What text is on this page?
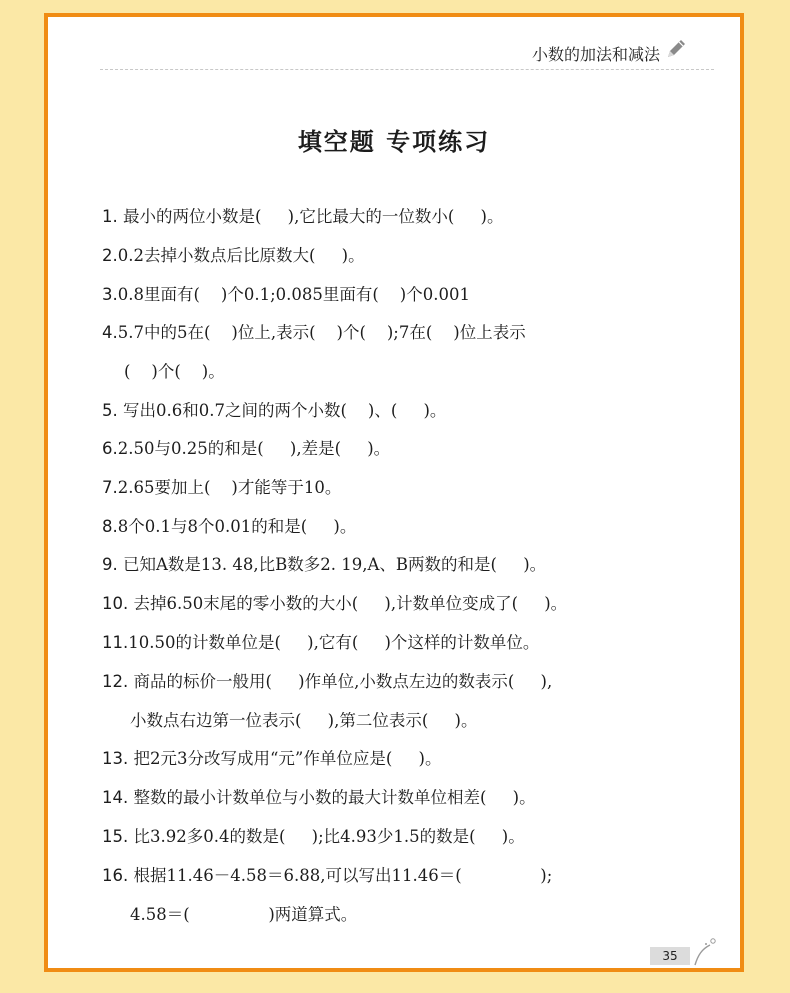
小数的加法和减法
填空题 专项练习
1. 最小的两位小数是(     ),它比最大的一位数小(     )。
2.0.2去掉小数点后比原数大(     )。
3.0.8里面有(    )个0.1;0.085里面有(    )个0.001
4.5.7中的5在(    )位上,表示(    )个(    );7在(    )位上表示
(    )个(    )。
5. 写出0.6和0.7之间的两个小数(    )、(     )。
6.2.50与0.25的和是(     ),差是(     )。
7.2.65要加上(    )才能等于10。
8.8个0.1与8个0.01的和是(     )。
9. 已知A数是13. 48,比B数多2. 19,A、B两数的和是(     )。
10. 去掉6.50末尾的零小数的大小(     ),计数单位变成了(     )。
11.10.50的计数单位是(     ),它有(     )个这样的计数单位。
12. 商品的标价一般用(     )作单位,小数点左边的数表示(     ),
小数点右边第一位表示(     ),第二位表示(     )。
13. 把2元3分改写成用“元”作单位应是(     )。
14. 整数的最小计数单位与小数的最大计数单位相差(     )。
15. 比3.92多0.4的数是(     );比4.93少1.5的数是(     )。
16. 根据11.46－4.58＝6.88,可以写出11.46＝(               );
4.58＝(               )两道算式。
35
